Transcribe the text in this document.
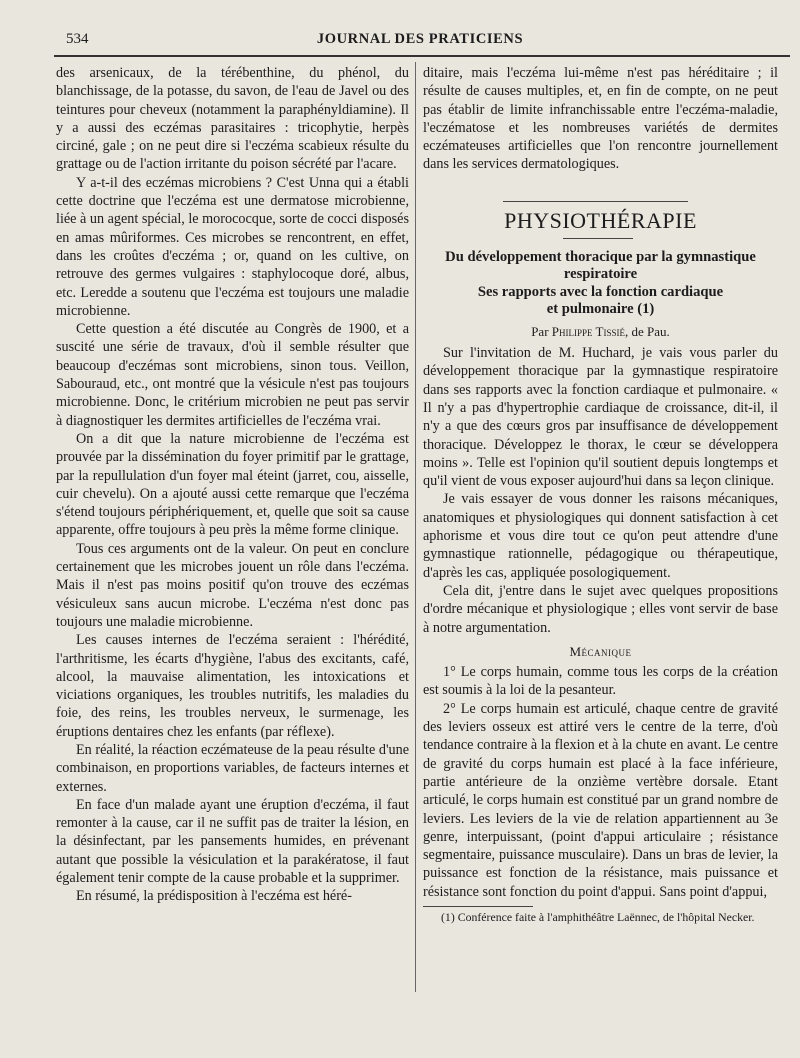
534	JOURNAL DES PRATICIENS

des arsenicaux, de la térébenthine, du phénol, du blanchissage, de la potasse, du savon, de l'eau de Javel ou des teintures pour cheveux (notamment la paraphényldiamine). Il y a aussi des eczémas parasitaires : tricophytie, herpès circiné, gale ; on ne peut dire si l'eczéma scabieux résulte du grattage ou de l'action irritante du poison sécrété par l'acare.

Y a-t-il des eczémas microbiens ? C'est Unna qui a établi cette doctrine que l'eczéma est une dermatose microbienne, liée à un agent spécial, le morococque, sorte de cocci disposés en amas mûriformes. Ces microbes se rencontrent, en effet, dans les croûtes d'eczéma ; or, quand on les cultive, on retrouve des germes vulgaires : staphylocoque doré, albus, etc. Leredde a soutenu que l'eczéma est toujours une maladie microbienne.

Cette question a été discutée au Congrès de 1900, et a suscité une série de travaux, d'où il semble résulter que beaucoup d'eczémas sont microbiens, sinon tous. Veillon, Sabouraud, etc., ont montré que la vésicule n'est pas toujours microbienne. Donc, le critérium microbien ne peut pas servir à diagnostiquer les dermites artificielles de l'eczéma vrai.

On a dit que la nature microbienne de l'eczéma est prouvée par la dissémination du foyer primitif par le grattage, par la repullulation d'un foyer mal éteint (jarret, cou, aisselle, cuir chevelu). On a ajouté aussi cette remarque que l'eczéma s'étend toujours périphériquement, et, quelle que soit sa cause apparente, offre toujours à peu près la même forme clinique.

Tous ces arguments ont de la valeur. On peut en conclure certainement que les microbes jouent un rôle dans l'eczéma. Mais il n'est pas moins positif qu'on trouve des eczémas vésiculeux sans aucun microbe. L'eczéma n'est donc pas toujours une maladie microbienne.

Les causes internes de l'eczéma seraient : l'hérédité, l'arthritisme, les écarts d'hygiène, l'abus des excitants, café, alcool, la mauvaise alimentation, les intoxications et viciations organiques, les troubles nutritifs, les maladies du foie, des reins, les troubles nerveux, le surmenage, les éruptions dentaires chez les enfants (par réflexe).

En réalité, la réaction eczémateuse de la peau résulte d'une combinaison, en proportions variables, de facteurs internes et externes.

En face d'un malade ayant une éruption d'eczéma, il faut remonter à la cause, car il ne suffit pas de traiter la lésion, en la désinfectant, par les pansements humides, en prévenant autant que possible la vésiculation et la parakératose, il faut également tenir compte de la cause probable et la supprimer.

En résumé, la prédisposition à l'eczéma est héré-

ditaire, mais l'eczéma lui-même n'est pas héréditaire ; il résulte de causes multiples, et, en fin de compte, on ne peut pas établir de limite infranchissable entre l'eczéma-maladie, l'eczématose et les nombreuses variétés de dermites eczémateuses artificielles que l'on rencontre journellement dans les services dermatologiques.

PHYSIOTHÉRAPIE
Du développement thoracique par la gymnastique
respiratoire
Ses rapports avec la fonction cardiaque
et pulmonaire (1)
Par Philippe Tissié, de Pau.

Sur l'invitation de M. Huchard, je vais vous parler du développement thoracique par la gymnastique respiratoire dans ses rapports avec la fonction cardiaque et pulmonaire. « Il n'y a pas d'hypertrophie cardiaque de croissance, dit-il, il n'y a que des cœurs gros par insuffisance de développement thoracique. Développez le thorax, le cœur se développera moins ». Telle est l'opinion qu'il soutient depuis longtemps et qu'il vient de vous exposer aujourd'hui dans sa leçon clinique.

Je vais essayer de vous donner les raisons mécaniques, anatomiques et physiologiques qui donnent satisfaction à cet aphorisme et vous dire tout ce qu'on peut attendre d'une gymnastique rationnelle, pédagogique ou thérapeutique, d'après les cas, appliquée posologiquement.

Cela dit, j'entre dans le sujet avec quelques propositions d'ordre mécanique et physiologique ; elles vont servir de base à notre argumentation.

Mécanique

1° Le corps humain, comme tous les corps de la création est soumis à la loi de la pesanteur.

2° Le corps humain est articulé, chaque centre de gravité des leviers osseux est attiré vers le centre de la terre, d'où tendance contraire à la flexion et à la chute en avant. Le centre de gravité du corps humain est placé à la face inférieure, partie antérieure de la onzième vertèbre dorsale. Etant articulé, le corps humain est constitué par un grand nombre de leviers. Les leviers de la vie de relation appartiennent au 3e genre, interpuissant, (point d'appui articulaire ; résistance segmentaire, puissance musculaire). Dans un bras de levier, la puissance est fonction de la résistance, mais puissance et résistance sont fonction du point d'appui. Sans point d'appui,

(1) Conférence faite à l'amphithéâtre Laënnec, de l'hôpital Necker.
